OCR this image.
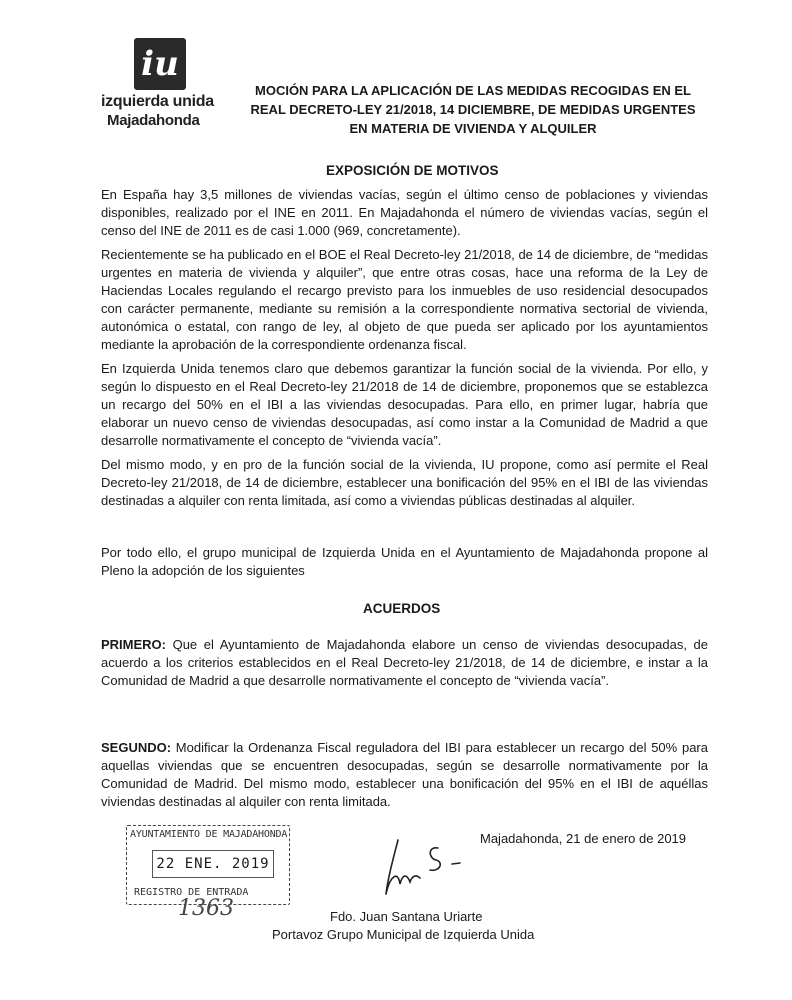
iu
izquierda unida
Majadahonda
MOCIÓN PARA LA APLICACIÓN DE LAS MEDIDAS RECOGIDAS EN EL
REAL DECRETO-LEY 21/2018, 14 DICIEMBRE, DE MEDIDAS URGENTES
EN MATERIA DE VIVIENDA Y ALQUILER
EXPOSICIÓN DE MOTIVOS
En España hay 3,5 millones de viviendas vacías, según el último censo de poblaciones y viviendas disponibles, realizado por el INE en 2011. En Majadahonda el número de viviendas vacías, según el censo del INE de 2011 es de casi 1.000 (969, concretamente).
Recientemente se ha publicado en el BOE el Real Decreto-ley 21/2018, de 14 de diciembre, de “medidas urgentes en materia de vivienda y alquiler”, que entre otras cosas, hace una reforma de la Ley de Haciendas Locales regulando el recargo previsto para los inmuebles de uso residencial desocupados con carácter permanente, mediante su remisión a la correspondiente normativa sectorial de vivienda, autonómica o estatal, con rango de ley, al objeto de que pueda ser aplicado por los ayuntamientos mediante la aprobación de la correspondiente ordenanza fiscal.
En Izquierda Unida tenemos claro que debemos garantizar la función social de la vivienda. Por ello, y según lo dispuesto en el Real Decreto-ley 21/2018 de 14 de diciembre, proponemos que se establezca un recargo del 50% en el IBI a las viviendas desocupadas. Para ello, en primer lugar, habría que elaborar un nuevo censo de viviendas desocupadas, así como instar a la Comunidad de Madrid a que desarrolle normativamente el concepto de “vivienda vacía”.
Del mismo modo, y en pro de la función social de la vivienda, IU propone, como así permite el Real Decreto-ley 21/2018, de 14 de diciembre, establecer una bonificación del 95% en el IBI de las viviendas destinadas a alquiler con renta limitada, así como a viviendas públicas destinadas al alquiler.
Por todo ello, el grupo municipal de Izquierda Unida en el Ayuntamiento de Majadahonda propone al Pleno la adopción de los siguientes
ACUERDOS
PRIMERO: Que el Ayuntamiento de Majadahonda elabore un censo de viviendas desocupadas, de acuerdo a los criterios establecidos en el Real Decreto-ley 21/2018, de 14 de diciembre, e instar a la Comunidad de Madrid a que desarrolle normativamente el concepto de “vivienda vacía”.
SEGUNDO: Modificar la Ordenanza Fiscal reguladora del IBI para establecer un recargo del 50% para aquellas viviendas que se encuentren desocupadas, según se desarrolle normativamente por la Comunidad de Madrid. Del mismo modo, establecer una bonificación del 95% en el IBI de aquéllas viviendas destinadas al alquiler con renta limitada.
AYUNTAMIENTO DE MAJADAHONDA
22 ENE. 2019
REGISTRO DE ENTRADA
1363
Majadahonda, 21 de enero de 2019
Fdo. Juan Santana Uriarte
Portavoz Grupo Municipal de Izquierda Unida
